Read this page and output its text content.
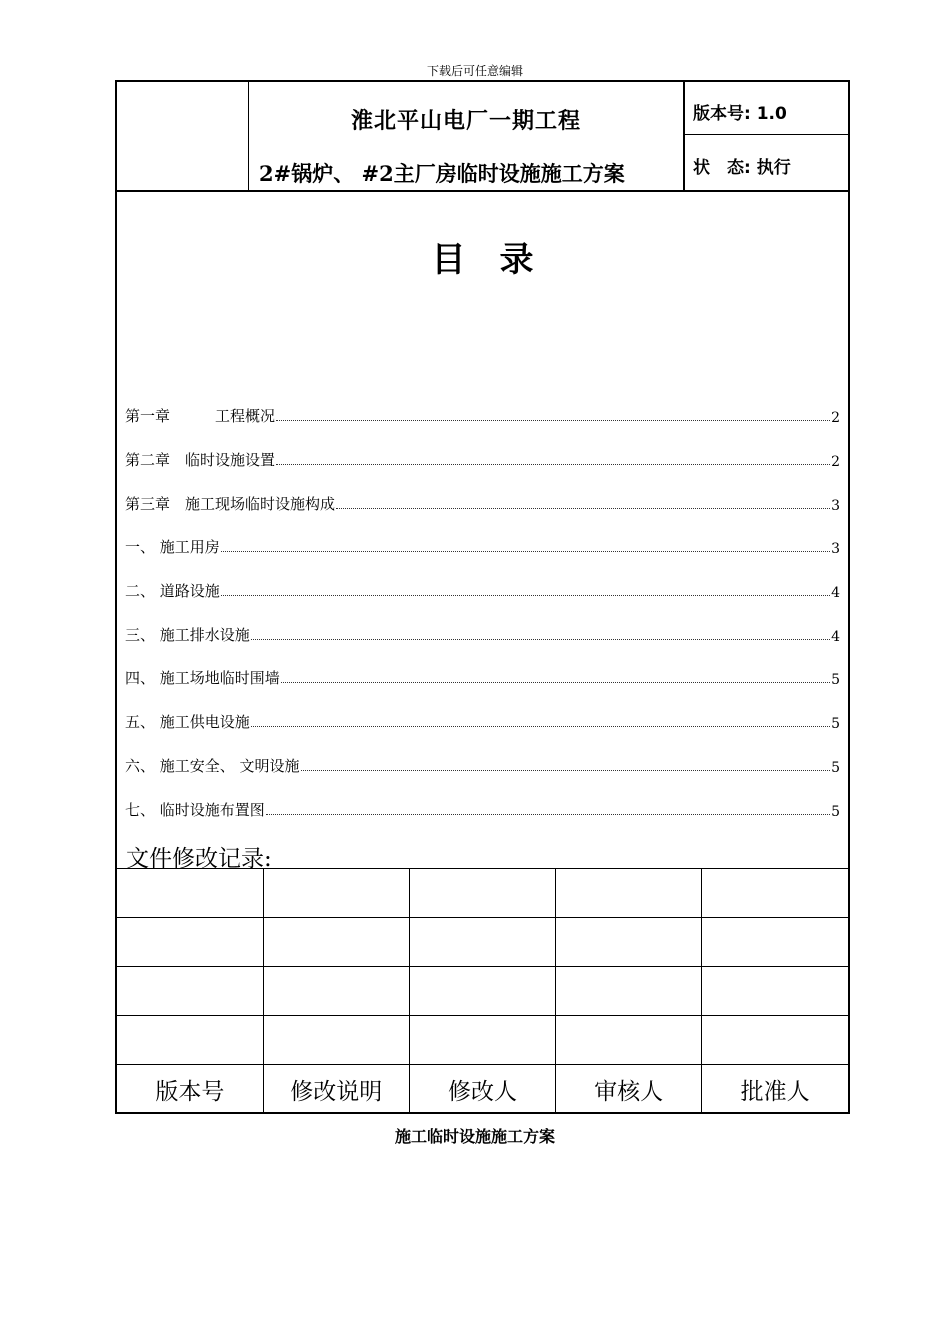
下载后可任意编辑
淮北平山电厂一期工程
2#锅炉、 #2主厂房临时设施施工方案
版本号: 1.0
状　态: 执行
目录
第一章　　　工程概况	2
第二章　临时设施设置	2
第三章　施工现场临时设施构成	3
一、 施工用房	3
二、 道路设施	4
三、 施工排水设施	4
四、 施工场地临时围墙	5
五、 施工供电设施	5
六、 施工安全、 文明设施	5
七、 临时设施布置图	5
文件修改记录:

版本号	修改说明	修改人	审核人	批准人
施工临时设施施工方案
